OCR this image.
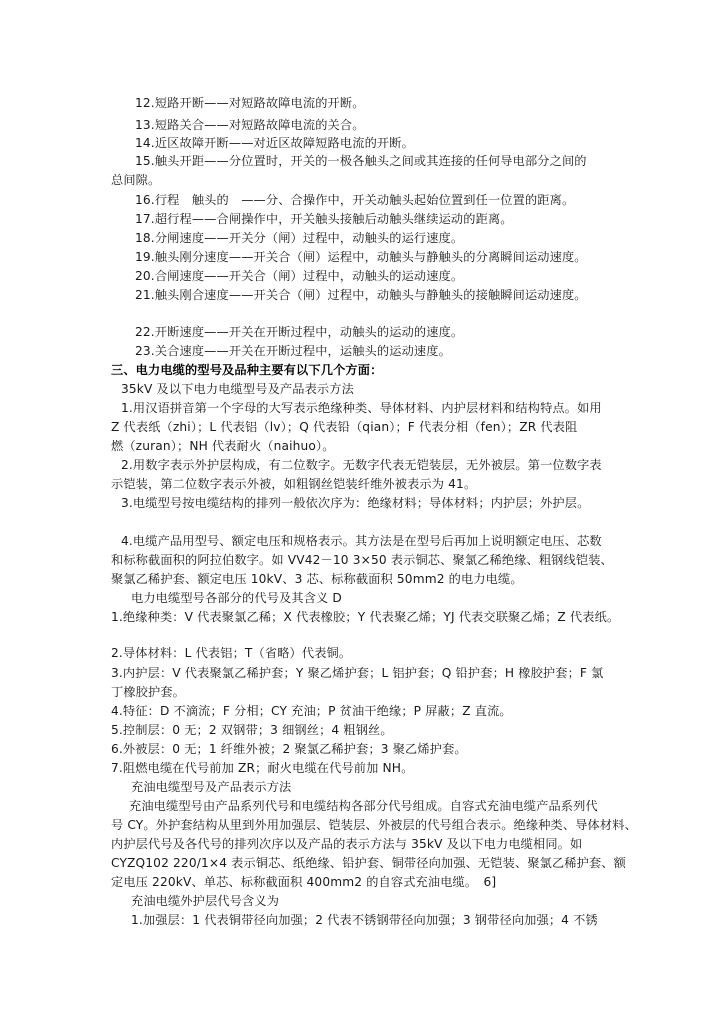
12.短路开断——对短路故障电流的开断。
13.短路关合——对短路故障电流的关合。
14.近区故障开断——对近区故障短路电流的开断。
15.触头开距——分位置时，开关的一极各触头之间或其连接的任何导电部分之间的
总间隙。
16.行程　触头的　——分、合操作中，开关动触头起始位置到任一位置的距离。
17.超行程——合闸操作中，开关触头接触后动触头继续运动的距离。
18.分闸速度——开关分（闸）过程中，动触头的运行速度。
19.触头刚分速度——开关合（闸）运程中，动触头与静触头的分离瞬间运动速度。
20.合闸速度——开关合（闸）过程中，动触头的运动速度。
21.触头刚合速度——开关合（闸）过程中，动触头与静触头的接触瞬间运动速度。
22.开断速度——开关在开断过程中，动触头的运动的速度。
23.关合速度——开关在开断过程中，运触头的运动速度。
三、电力电缆的型号及品种主要有以下几个方面：
35kV 及以下电力电缆型号及产品表示方法
1.用汉语拼音第一个字母的大写表示绝缘种类、导体材料、内护层材料和结构特点。如用
Z 代表纸（zhi）；L 代表铝（lv）；Q 代表铅（qian）；F 代表分相（fen）；ZR 代表阻
燃（zuran）；NH 代表耐火（naihuo）。
2.用数字表示外护层构成，有二位数字。无数字代表无铠装层，无外被层。第一位数字表
示铠装，第二位数字表示外被，如粗钢丝铠装纤维外被表示为 41。
3.电缆型号按电缆结构的排列一般依次序为：绝缘材料；导体材料；内护层；外护层。
4.电缆产品用型号、额定电压和规格表示。其方法是在型号后再加上说明额定电压、芯数
和标称截面积的阿拉伯数字。如 VV42－10 3×50 表示铜芯、聚氯乙稀绝缘、粗钢线铠装、
聚氯乙稀护套、额定电压 10kV、3 芯、标称截面积 50mm2 的电力电缆。
电力电缆型号各部分的代号及其含义 D
1.绝缘种类：V 代表聚氯乙稀；X 代表橡胶；Y 代表聚乙烯；YJ 代表交联聚乙烯；Z 代表纸。
2.导体材料：L 代表铝；T（省略）代表铜。
3.内护层：V 代表聚氯乙稀护套；Y 聚乙烯护套；L 铝护套；Q 铅护套；H 橡胶护套；F 氯
丁橡胶护套。
4.特征：D 不滴流；F 分相；CY 充油；P 贫油干绝缘；P 屏蔽；Z 直流。
5.控制层：0 无；2 双钢带；3 细钢丝；4 粗钢丝。
6.外被层：0 无；1 纤维外被；2 聚氯乙稀护套；3 聚乙烯护套。
7.阻燃电缆在代号前加 ZR；耐火电缆在代号前加 NH。
充油电缆型号及产品表示方法
充油电缆型号由产品系列代号和电缆结构各部分代号组成。自容式充油电缆产品系列代
号 CY。外护套结构从里到外用加强层、铠装层、外被层的代号组合表示。绝缘种类、导体材料、
内护层代号及各代号的排列次序以及产品的表示方法与 35kV 及以下电力电缆相同。如
CYZQ102 220/1×4 表示铜芯、纸绝缘、铅护套、铜带径向加强、无铠装、聚氯乙稀护套、额
定电压 220kV、单芯、标称截面积 400mm2 的自容式充油电缆。　6]
充油电缆外护层代号含义为
1.加强层：1 代表铜带径向加强；2 代表不锈钢带径向加强；3 钢带径向加强；4 不锈
